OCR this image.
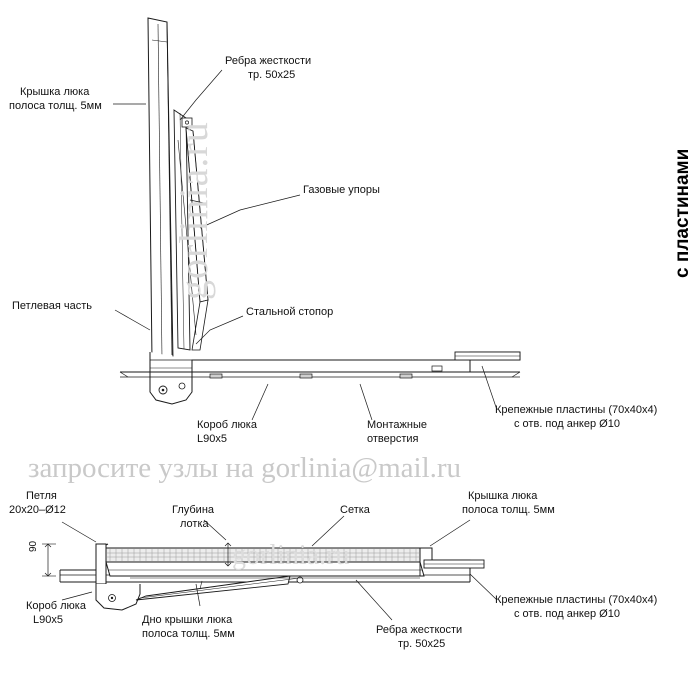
gorlinia.ru
gorlinia.ru
запросите узлы на gorlinia@mail.ru
с пластинами
Ребра жесткости
тр. 50х25
Крышка люка
полоса толщ. 5мм
Газовые упоры
Петлевая часть	Стальной стопор
Короб люка
L90х5
Монтажные
отверстия
Крепежные пластины (70х40х4)
с отв. под анкер Ø10
Петля
20х20–Ø12	Глубина
лотка
Сетка
Крышка люка
полоса толщ. 5мм
Короб люка
L90х5	Дно крышки люка
полоса толщ. 5мм	Ребра жесткости
тр. 50х25
Крепежные пластины (70х40х4)
с отв. под анкер Ø10
90
